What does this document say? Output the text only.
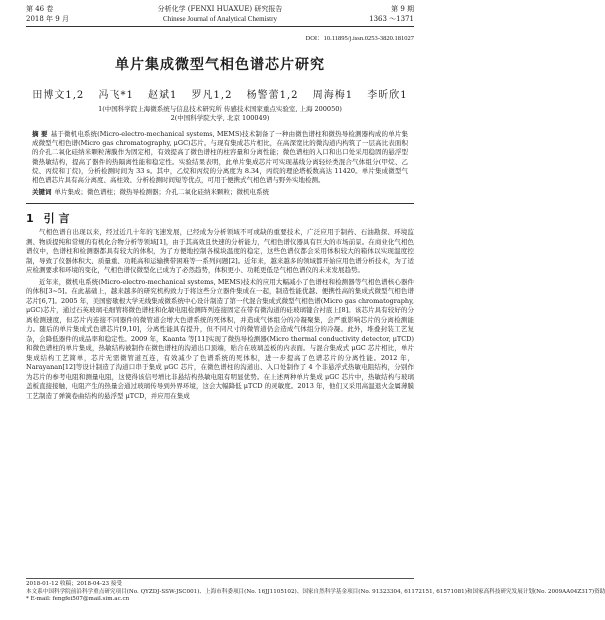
第 46 卷	分析化学 (FENXI HUAXUE) 研究报告	第 9 期
2018 年 9 月	Chinese Journal of Analytical Chemistry	1363 ～1371
DOI：10.11895/j.issn.0253-3820.181027
单片集成微型气相色谱芯片研究
田博文1,2 冯飞*1 赵斌1 罗凡1,2 杨警蕾1,2 周海梅1 李昕欣1
1(中国科学院上海微系统与信息技术研究所 传感技术国家重点实验室, 上海 200050)
2(中国科学院大学, 北京 100049)
摘 要 基于微机电系统(Micro-electro-mechanical systems, MEMS)技术制备了一种由微色谱柱和微热导检测器构成的单片集成微型气相色谱(Micro gas chromatography, μGC)芯片。与现有集成芯片相比，在高深宽比的微沟道内构筑了一层高比表面积的介孔二氧化硅纳米颗粒薄膜作为固定相，有效提高了微色谱柱的柱容量和分离性能；微色谱柱的入口和出口处采用稳固的悬浮型微热敏结构，提高了器件的热隔离性能和稳定性。实验结果表明，此单片集成芯片可实现基线分离轻烃类混合气体组分(甲烷、乙烷、丙烷和丁烷)，分析检测时间为 33 s。其中，乙烷和丙烷的分离度为 8.34，丙烷的理论塔板数高达 11420。单片集成微型气相色谱芯片具有高分离度、高柱效、分析检测时间短等优点，可用于便携式气相色谱与野外实地检测。
关键词 单片集成；微色谱柱；微热导检测器；介孔二氧化硅纳米颗粒；微机电系统
1 引 言

气相色谱自出现以来，经过近几十年的飞速发展，已经成为分析领域不可或缺的重要技术，广泛应用于制药、石油勘探、环境监测、物质提纯和常规的有机化合物分析等领域[1]，由于其高效且快速的分析能力，气相色谱仪器具有巨大的市场前景。在商业化气相色谱仪中，色谱柱和检测器都具有较大的体积，为了方便地控制各模块温度的稳定，这些色谱仪都会采用体积较大的箱体以实现温度控制，导致了仪器体积大、质量重、功耗高和运输携带困难等一系列问题[2]。近年来，越来越多的领域都开始应用色谱分析技术，为了适应检测要求和环境的变化，气相色谱仪微型化已成为了必然趋势，体积更小、功耗更低是气相色谱仪的未来发展趋势。

近年来，微机电系统(Micro-electro-mechanical systems, MEMS)技术的应用大幅减小了色谱柱和检测器等气相色谱核心器件的体积[3~5]。在此基础上，越来越多的研究机构致力于将这些分立器件集成在一起，制造性能优越、便携性高的集成式微型气相色谱芯片[6,7]。2005 年，美国密歇根大学无线集成微系统中心设计制造了第一代混合集成式微型气相色谱(Micro gas chromatography, μGC)芯片，通过石英玻璃毛细管将微色谱柱和化敏电阻检测阵列连接固定在带有微沟道的硅玻璃键合衬底上[8]。该芯片具有较好的分离检测速度，但芯片内连接不同器件的微管道会增大色谱系统的死体积，并造成气体组分的冷凝聚集，会严重影响芯片的分离检测能力。随后的单片集成式色谱芯片[9,10]，分离性能具有提升，但不同尺寸的微管道仍会造成气体组分的冷凝。此外，堆叠封装工艺复杂，会降低器件的成品率和稳定性。2009 年，Kaanta 等[11]实现了微热导检测器(Micro thermal conductivity detector, μTCD)和微色谱柱的单片集成，热敏结构被制作在微色谱柱的沟道出口顶端，贴合在玻璃盖板的内表面。与混合集成式 μGC 芯片相比，单片集成结构工艺简单，芯片无需微管道互连，有效减少了色谱系统的死体积，进一步提高了色谱芯片的分离性能。2012 年，Narayanan[12]等设计制造了沟道口串于集成 μGC 芯片，在微色谱柱的沟道出、入口处制作了 4 个非悬浮式热敏电阻结构，分别作为芯片的参考电阻和测量电阻，这使得该信号增比非悬结构热敏电阻有明显优势。在上述两种单片集成 μGC 芯片中，热敏结构与玻璃盖板直接接触，电阻产生的热量会通过玻璃传导到外界环境，这会大幅降低 μTCD 的灵敏度。2013 年，他们又采用高温退火金属薄膜工艺制造了弹簧卷曲结构的悬浮型 μTCD，并应用在集成

2018-01-12 收稿；2018-04-23 接受
本文系中国科学院前沿科学重点研究项目(No. QYZDJ-SSW-JSC001)、上海市科委项目(No. 16JJ1105102)、国家自然科学基金项目(No. 91323304, 61172151, 61571081)和国家高科技研究发展计划(No. 2009AA04Z317)资助
* E-mail: fengfei507@mail.sim.ac.cn
